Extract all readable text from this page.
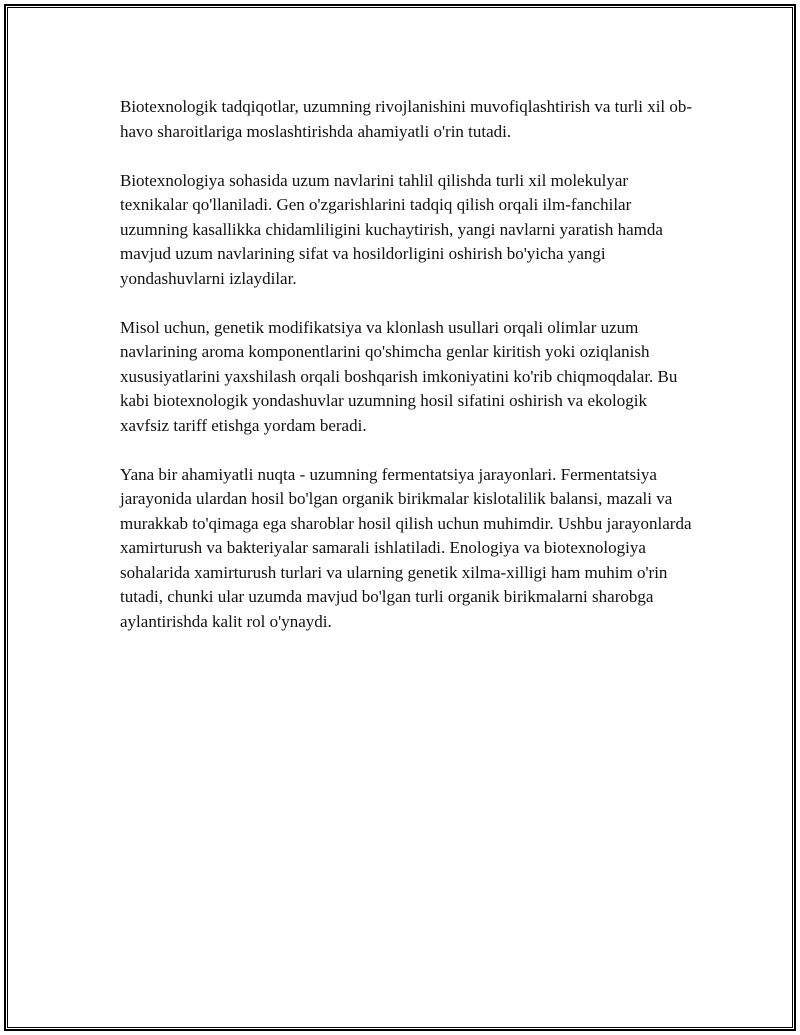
Biotexnologik tadqiqotlar, uzumning rivojlanishini muvofiqlashtirish va turli xil ob-havo sharoitlariga moslashtirishda ahamiyatli o'rin tutadi.

Biotexnologiya sohasida uzum navlarini tahlil qilishda turli xil molekulyar texnikalar qo'llaniladi. Gen o'zgarishlarini tadqiq qilish orqali ilm-fanchilar uzumning kasallikka chidamliligini kuchaytirish, yangi navlarni yaratish hamda mavjud uzum navlarining sifat va hosildorligini oshirish bo'yicha yangi yondashuvlarni izlaydilar.

Misol uchun, genetik modifikatsiya va klonlash usullari orqali olimlar uzum navlarining aroma komponentlarini qo'shimcha genlar kiritish yoki oziqlanish xususiyatlarini yaxshilash orqali boshqarish imkoniyatini ko'rib chiqmoqdalar. Bu kabi biotexnologik yondashuvlar uzumning hosil sifatini oshirish va ekologik xavfsiz tariff etishga yordam beradi.

Yana bir ahamiyatli nuqta - uzumning fermentatsiya jarayonlari. Fermentatsiya jarayonida ulardan hosil bo'lgan organik birikmalar kislotalilik balansi, mazali va murakkab to'qimaga ega sharoblar hosil qilish uchun muhimdir. Ushbu jarayonlarda xamirturush va bakteriyalar samarali ishlatiladi. Enologiya va biotexnologiya sohalarida xamirturush turlari va ularning genetik xilma-xilligi ham muhim o'rin tutadi, chunki ular uzumda mavjud bo'lgan turli organik birikmalarni sharobga aylantirishda kalit rol o'ynaydi.
